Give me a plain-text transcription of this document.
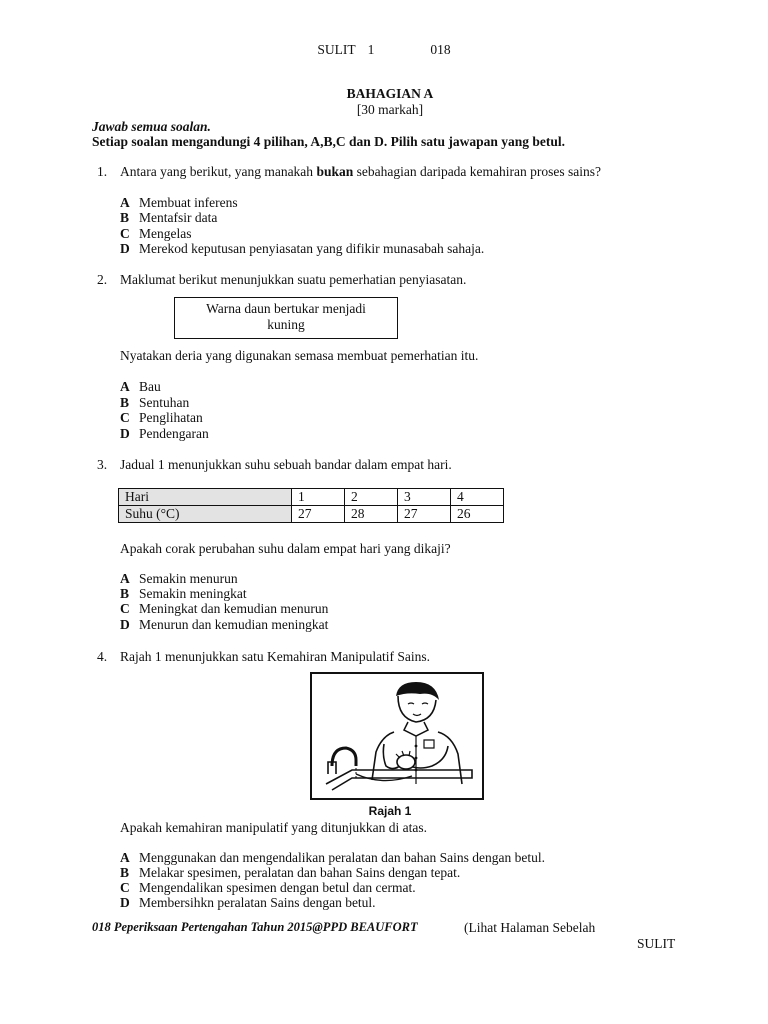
SULIT 1	018
BAHAGIAN A
[30 markah]
Jawab semua soalan.
Setiap soalan mengandungi 4 pilihan, A,B,C dan D. Pilih satu jawapan yang betul.
1. Antara yang berikut, yang manakah bukan sebahagian daripada kemahiran proses sains?
A Membuat inferens
B Mentafsir data
C Mengelas
D Merekod keputusan penyiasatan yang difikir munasabah sahaja.
2. Maklumat berikut menunjukkan suatu pemerhatian penyiasatan.
Warna daun bertukar menjadi
kuning
Nyatakan deria yang digunakan semasa membuat pemerhatian itu.
A Bau
B Sentuhan
C Penglihatan
D Pendengaran
3. Jadual 1 menunjukkan suhu sebuah bandar dalam empat hari.
Hari	1	2	3	4
Suhu (°C)	27	28	27	26
Apakah corak perubahan suhu dalam empat hari yang dikaji?
A Semakin menurun
B Semakin meningkat
C Meningkat dan kemudian menurun
D Menurun dan kemudian meningkat
4. Rajah 1 menunjukkan satu Kemahiran Manipulatif Sains.
Rajah 1
Apakah kemahiran manipulatif yang ditunjukkan di atas.
A Menggunakan dan mengendalikan peralatan dan bahan Sains dengan betul.
B Melakar spesimen, peralatan dan bahan Sains dengan tepat.
C Mengendalikan spesimen dengan betul dan cermat.
D Membersihkn peralatan Sains dengan betul.
018 Peperiksaan Pertengahan Tahun 2015@PPD BEAUFORT	(Lihat Halaman Sebelah
SULIT
